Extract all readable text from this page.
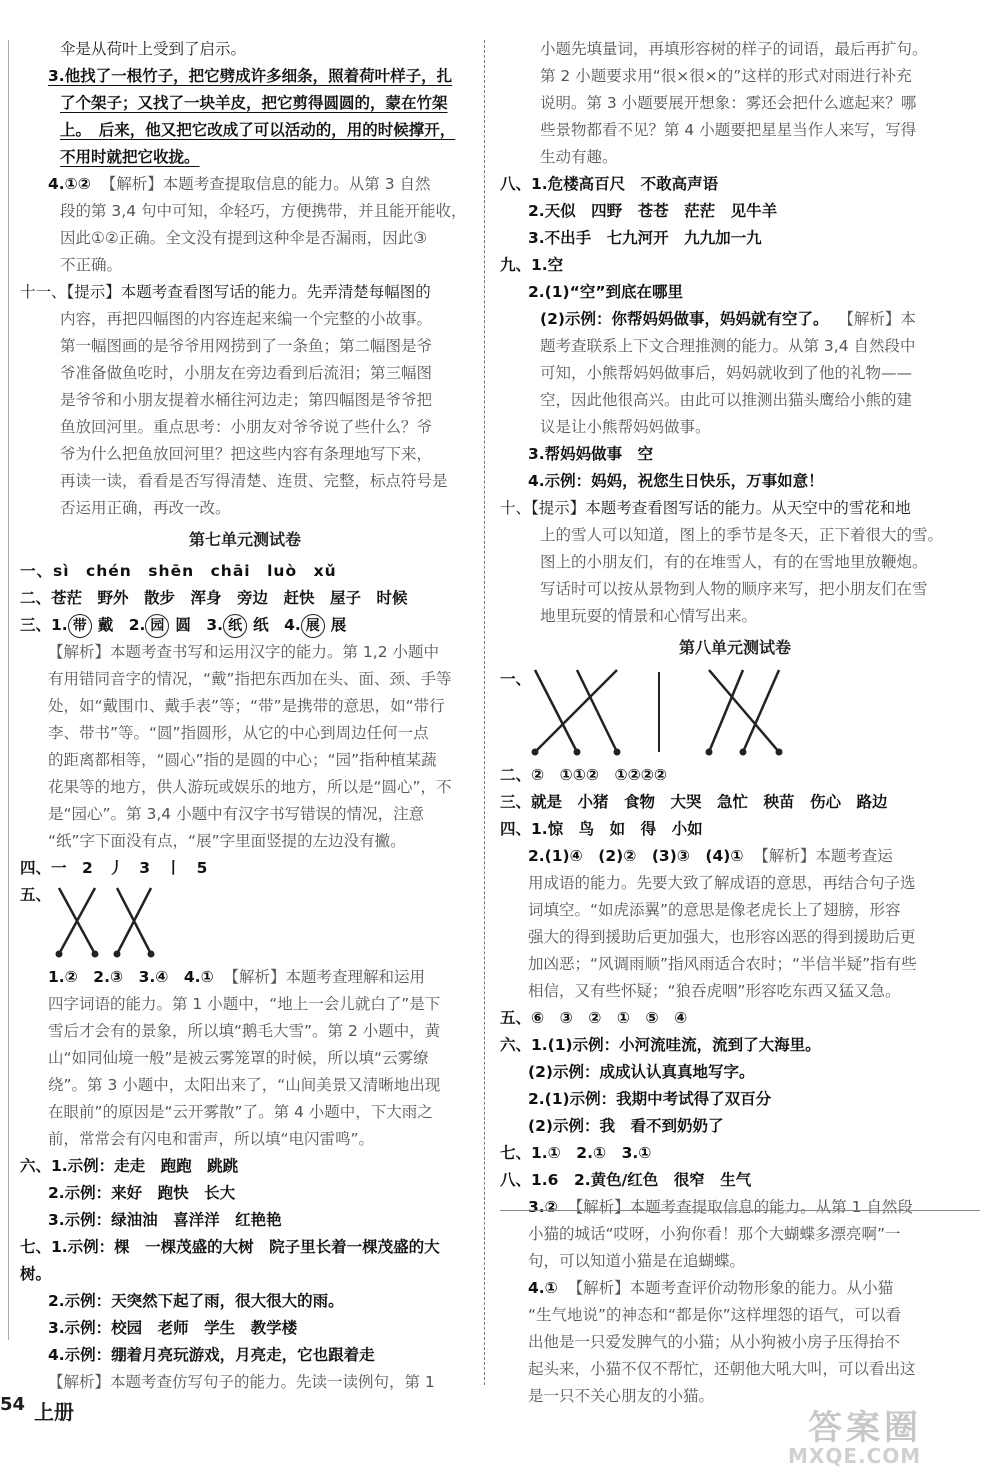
伞是从荷叶上受到了启示。

3.他找了一根竹子，把它劈成许多细条，照着荷叶样子，扎

了个架子；又找了一块羊皮，把它剪得圆圆的，蒙在竹架

上。　后来，他又把它改成了可以活动的，用的时候撑开，

不用时就把它收拢。

4.①② 【解析】本题考查提取信息的能力。从第 3 自然

段的第 3,4 句中可知，伞轻巧，方便携带，并且能开能收，

因此①②正确。全文没有提到这种伞是否漏雨，因此③

不正确。

十一、【提示】本题考查看图写话的能力。先弄清楚每幅图的

内容，再把四幅图的内容连起来编一个完整的小故事。

第一幅图画的是爷爷用网捞到了一条鱼；第二幅图是爷

爷准备做鱼吃时，小朋友在旁边看到后流泪；第三幅图

是爷爷和小朋友提着水桶往河边走；第四幅图是爷爷把

鱼放回河里。重点思考：小朋友对爷爷说了些什么？爷

爷为什么把鱼放回河里？把这些内容有条理地写下来，

再读一读，看看是否写得清楚、连贯、完整，标点符号是

否运用正确，再改一改。

第七单元测试卷

一、sì　chén　shēn　chāi　luò　xǔ

二、苍茫　野外　散步　浑身　旁边　赶快　屋子　时候

三、1. 带 戴　2. 园 圆　3. 纸 纸　4. 展 展

【解析】本题考查书写和运用汉字的能力。第 1,2 小题中

有用错同音字的情况，“戴”指把东西加在头、面、颈、手等

处，如“戴围巾、戴手表”等；“带”是携带的意思，如“带行

李、带书”等。“圆”指圆形，从它的中心到周边任何一点

的距离都相等，“圆心”指的是圆的中心；“园”指种植某蔬

花果等的地方，供人游玩或娱乐的地方，所以是“圆心”，不

是“园心”。第 3,4 小题中有汉字书写错误的情况，注意

“纸”字下面没有点，“展”字里面竖提的左边没有撇。

四、一　2　丿　3　丨　5

五、

1.②　2.③　3.④　4.① 【解析】本题考查理解和运用

四字词语的能力。第 1 小题中，“地上一会儿就白了”是下

雪后才会有的景象，所以填“鹅毛大雪”。第 2 小题中，黄

山“如同仙境一般”是被云雾笼罩的时候，所以填“云雾缭

绕”。第 3 小题中，太阳出来了，“山间美景又清晰地出现

在眼前”的原因是“云开雾散”了。第 4 小题中，下大雨之

前，常常会有闪电和雷声，所以填“电闪雷鸣”。

六、1.示例：走走　跑跑　跳跳

2.示例：来好　跑快　长大

3.示例：绿油油　喜洋洋　红艳艳

七、1.示例：棵　一棵茂盛的大树　院子里长着一棵茂盛的大树。

2.示例：天突然下起了雨，很大很大的雨。

3.示例：校园　老师　学生　教学楼

4.示例：绷着月亮玩游戏，月亮走，它也跟着走

【解析】本题考查仿写句子的能力。先读一读例句，第 1

小题先填量词，再填形容树的样子的词语，最后再扩句。

第 2 小题要求用“很×很×的”这样的形式对雨进行补充

说明。第 3 小题要展开想象：雾还会把什么遮起来？哪

些景物都看不见？第 4 小题要把星星当作人来写，写得

生动有趣。

八、1.危楼高百尺　不敢高声语

2.天似　四野　苍苍　茫茫　见牛羊

3.不出手　七九河开　九九加一九

九、1.空

2.(1)“空”到底在哪里

(2)示例：你帮妈妈做事，妈妈就有空了。 【解析】本

题考查联系上下文合理推测的能力。从第 3,4 自然段中

可知，小熊帮妈妈做事后，妈妈就收到了他的礼物——

空，因此他很高兴。由此可以推测出猫头鹰给小熊的建

议是让小熊帮妈妈做事。

3.帮妈妈做事　空

4.示例：妈妈，祝您生日快乐，万事如意！

十、【提示】本题考查看图写话的能力。从天空中的雪花和地

上的雪人可以知道，图上的季节是冬天，正下着很大的雪。

图上的小朋友们，有的在堆雪人，有的在雪地里放鞭炮。

写话时可以按从景物到人物的顺序来写，把小朋友们在雪

地里玩耍的情景和心情写出来。

第八单元测试卷
一、

二、②　①①②　①②②②

三、就是　小猪　食物　大哭　急忙　秧苗　伤心　路边

四、1.惊　鸟　如　得　小如

2.(1)④　(2)②　(3)③　(4)① 【解析】本题考查运

用成语的能力。先要大致了解成语的意思，再结合句子选

词填空。“如虎添翼”的意思是像老虎长上了翅膀，形容

强大的得到援助后更加强大，也形容凶恶的得到援助后更

加凶恶；“风调雨顺”指风雨适合农时；“半信半疑”指有些

相信，又有些怀疑；“狼吞虎咽”形容吃东西又猛又急。

五、⑥　③　②　①　⑤　④

六、1.(1)示例：小河流哇流，流到了大海里。

(2)示例：成成认认真真地写字。

2.(1)示例：我期中考试得了双百分

(2)示例：我　看不到奶奶了

七、1.①　2.①　3.①

八、1.6　2.黄色/红色　很窄　生气

3.② 【解析】本题考查提取信息的能力。从第 1 自然段

小猫的城话“哎呀，小狗你看！那个大蝴蝶多漂亮啊”一

句，可以知道小猫是在追蝴蝶。

4.① 【解析】本题考查评价动物形象的能力。从小猫

“生气地说”的神态和“都是你”这样埋怨的语气，可以看

出他是一只爱发脾气的小猫；从小狗被小房子压得抬不

起头来，小猫不仅不帮忙，还朝他大吼大叫，可以看出这

是一只不关心朋友的小猫。

54 上册	答案圈
MXQE.COM
